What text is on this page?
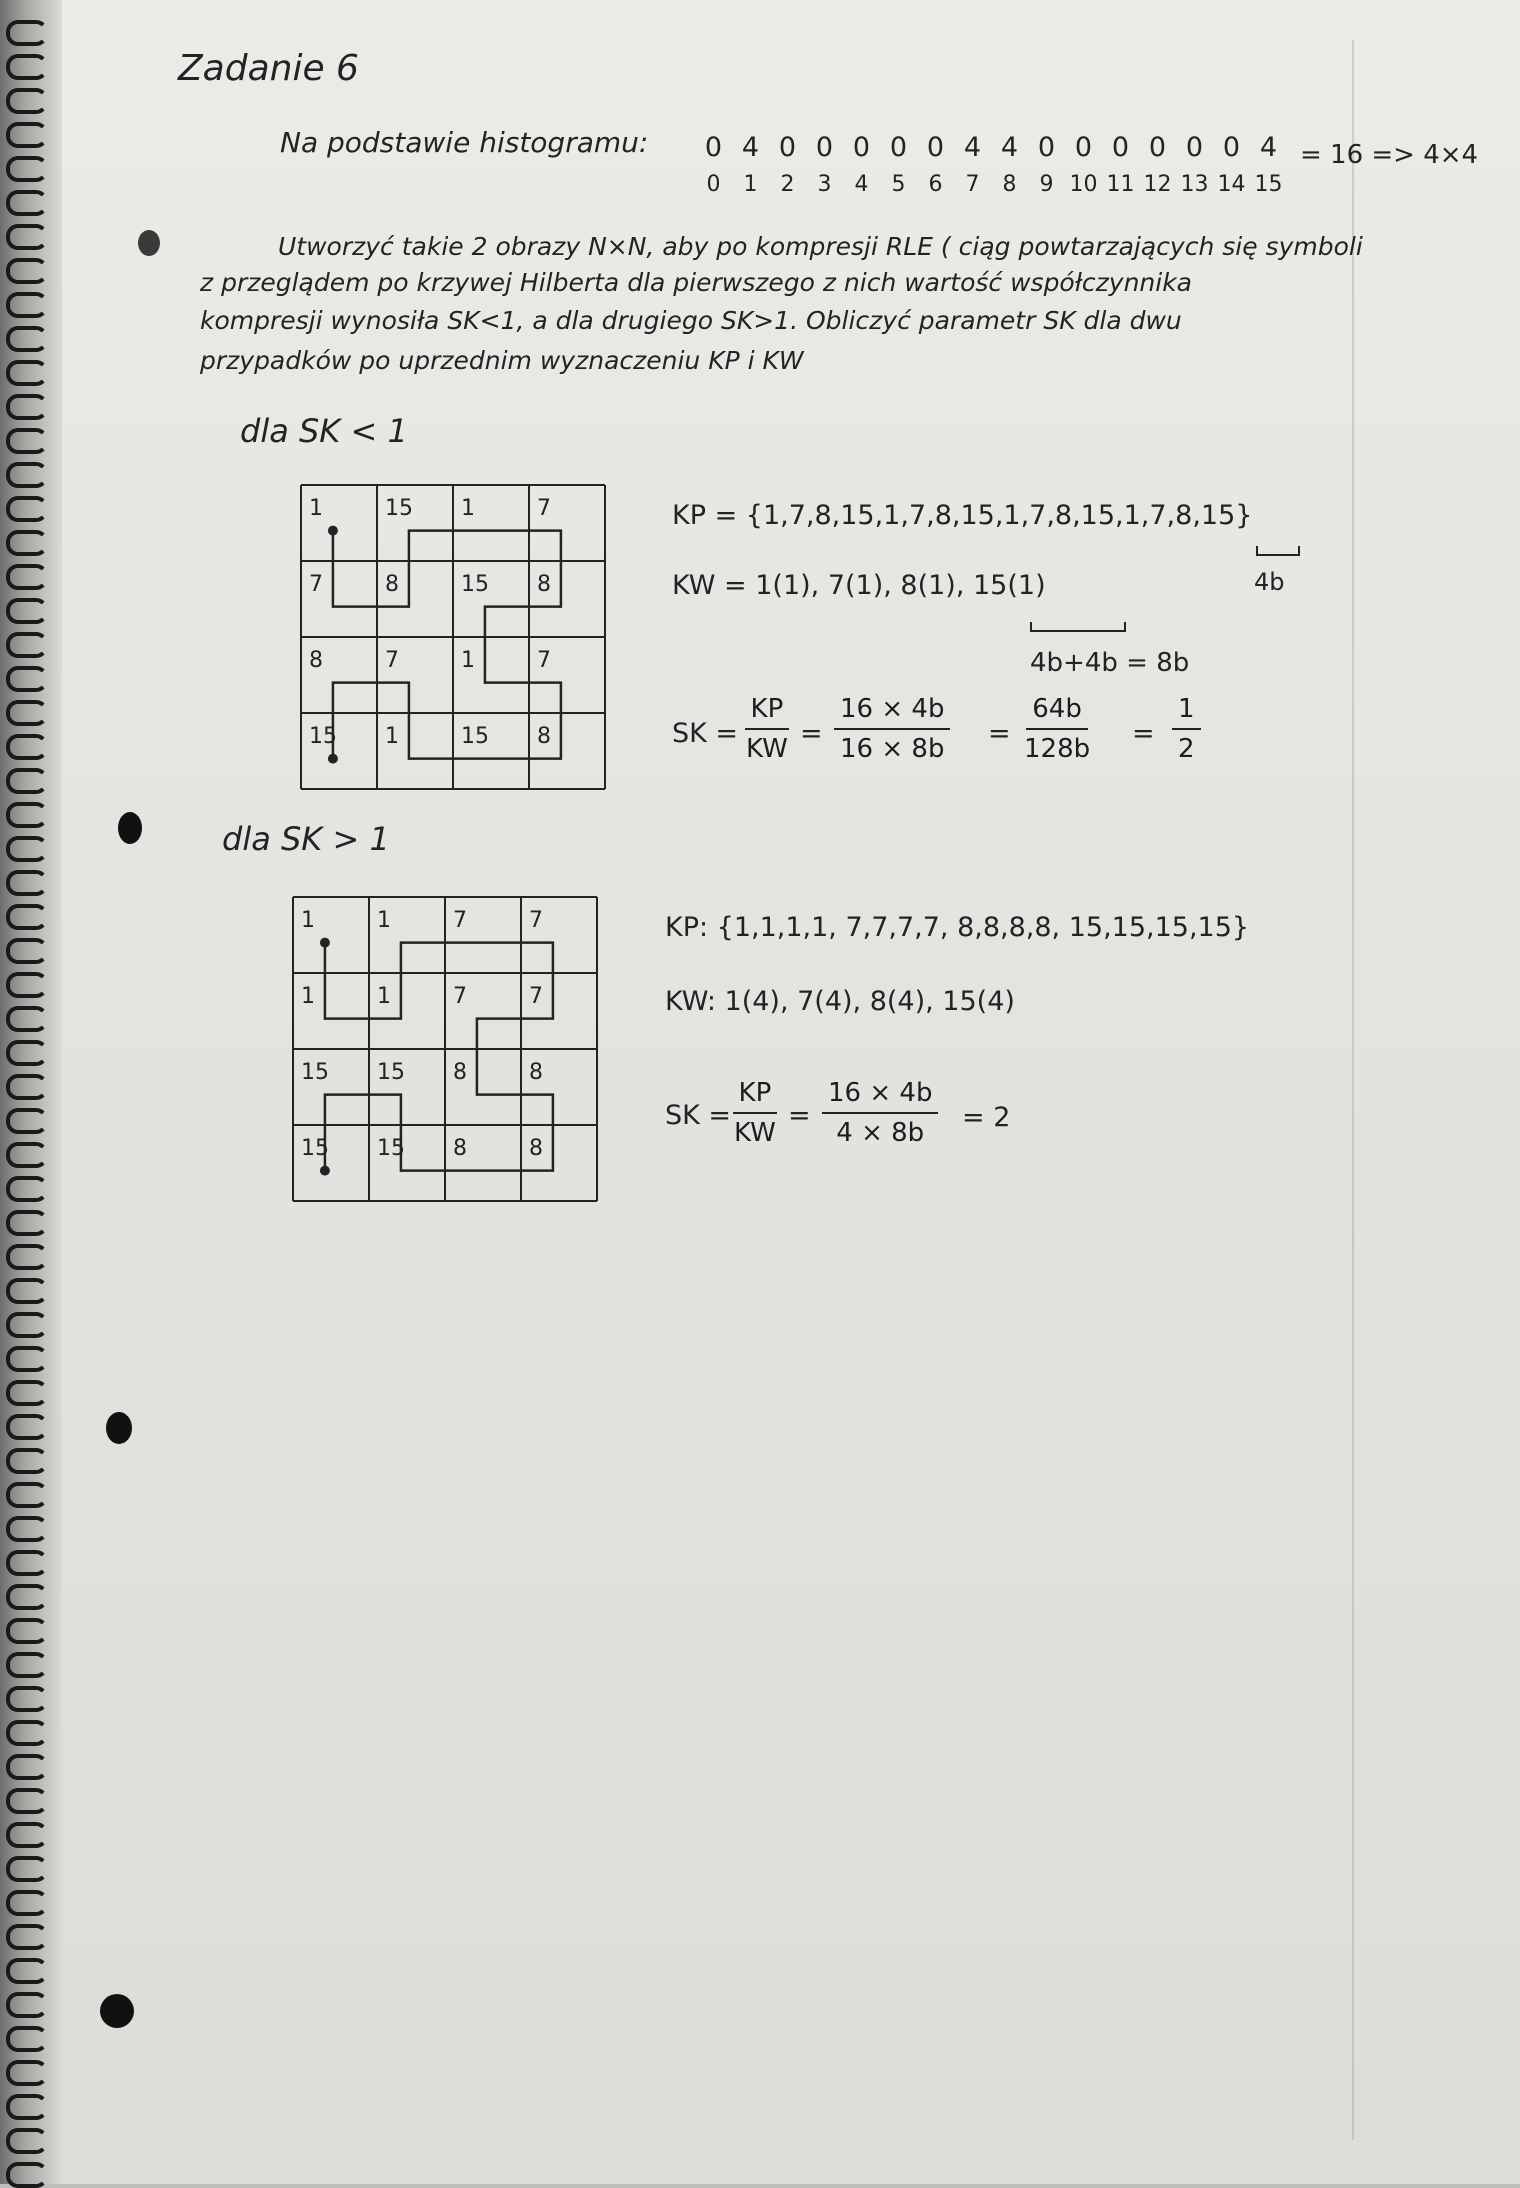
Zadanie 6

Na podstawie histogramu:	0 4 0 0 0 0 0 4 4 0 0 0 0 0 0 4

0 1 2 3 4 5 6 7 8 9 10 11 12 13 14 15

= 16 => 4×4

Utworzyć takie 2 obrazy N×N, aby po kompresji RLE ( ciąg powtarzających się symboli

z przeglądem po krzywej Hilberta dla pierwszego z nich wartość współczynnika

kompresji wynosiła SK<1, a dla drugiego SK>1. Obliczyć parametr SK dla dwu

przypadków po uprzednim wyznaczeniu KP i KW

dla SK < 1

1	15 1	7
7	8	15 8
8	7	1	7
15 1	15 8

KP = {1,7,8,15,1,7,8,15,1,7,8,15,1,7,8,15}

4b

KW = 1(1), 7(1), 8(1), 15(1)

4b+4b = 8b

SK = $\frac{KP}{KW} = \frac{16 \times 4b}{16 \times 8b} = \frac{64b}{128b} = \frac{1}{2}$

dla SK > 1

1	1	7	7
1	1	7	7
15 15 8	8
15 15 8	8

KP: {1,1,1,1, 7,7,7,7, 8,8,8,8, 15,15,15,15}

KW: 1(4), 7(4), 8(4), 15(4)

SK =

$\frac{KP}{KW} = \frac{16 \times 4b}{4 \times 8b} = 2$
